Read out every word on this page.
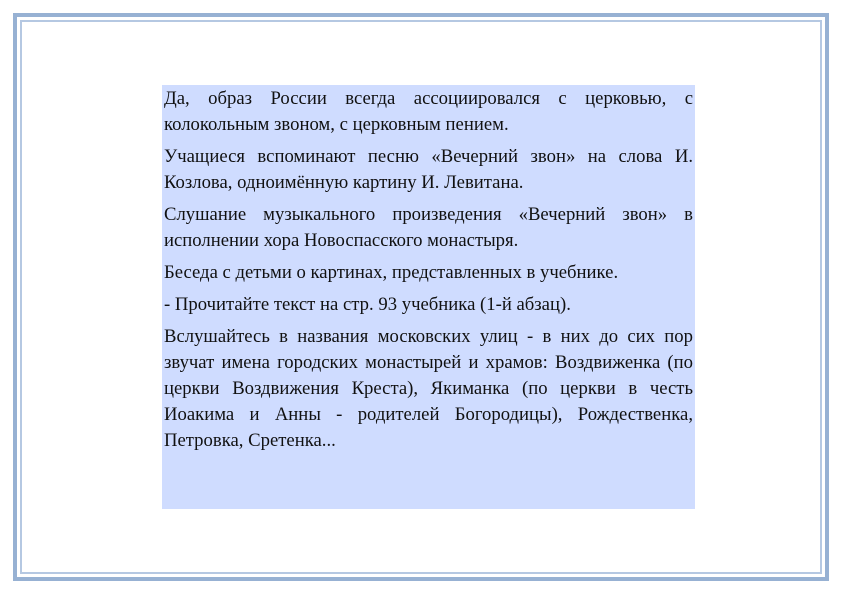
Да, образ России всегда ассоциировался с церковью, с колокольным звоном, с церковным пением.

Учащиеся вспоминают песню «Вечерний звон» на слова И. Козлова, одноимённую картину И. Левитана.

Слушание музыкального произведения «Вечерний звон» в исполнении хора Новоспасского монастыря.

Беседа с детьми о картинах, представленных в учебнике.

- Прочитайте текст на стр. 93 учебника (1-й абзац).

Вслушайтесь в названия московских улиц - в них до сих пор звучат имена городских монастырей и храмов: Воздвиженка (по церкви Воздвижения Креста), Якиманка (по церкви в честь Иоакима и Анны - родителей Богородицы), Рождественка, Петровка, Сретенка...
